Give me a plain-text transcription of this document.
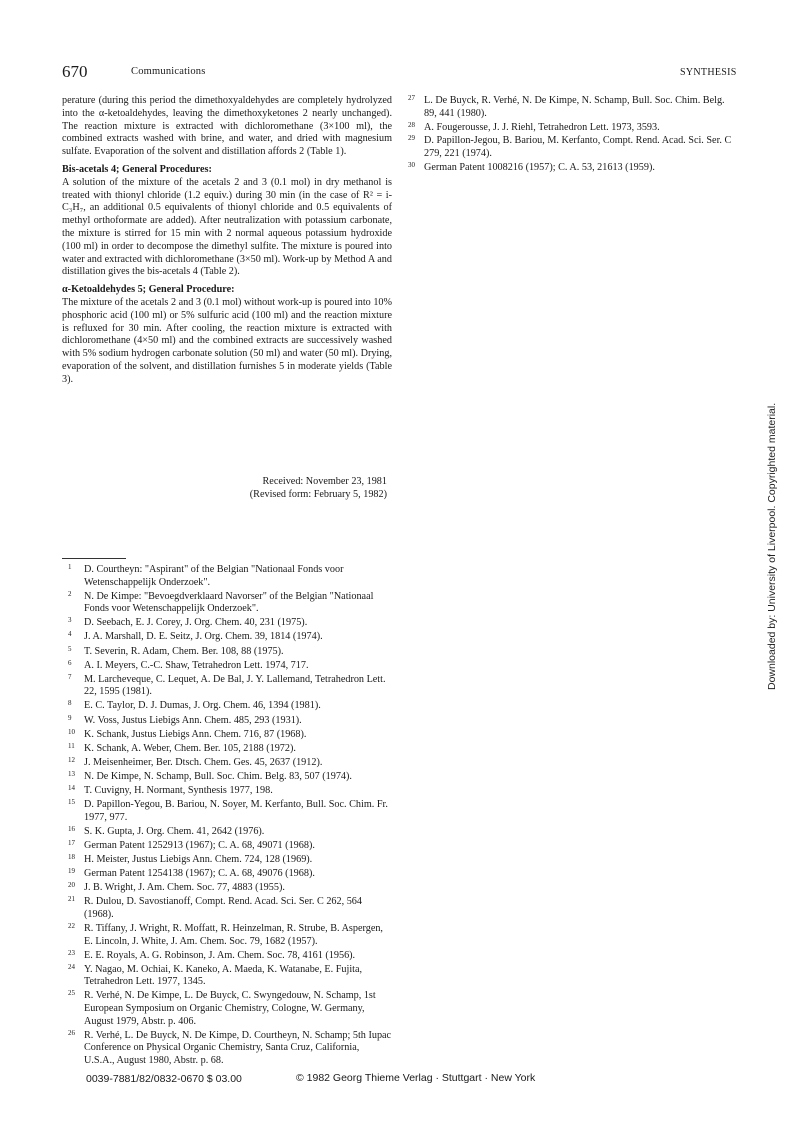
670	Communications	SYNTHESIS

perature (during this period the dimethoxyaldehydes are completely hydrolyzed into the α-ketoaldehydes, leaving the dimethoxyketones 2 nearly unchanged). The reaction mixture is extracted with dichloromethane (3×100 ml), the combined extracts washed with brine, and water, and dried with magnesium sulfate. Evaporation of the solvent and distillation affords 2 (Table 1).

Bis-acetals 4; General Procedures:

A solution of the mixture of the acetals 2 and 3 (0.1 mol) in dry methanol is treated with thionyl chloride (1.2 equiv.) during 30 min (in the case of R² = i-C₃H₇, an additional 0.5 equivalents of thionyl chloride and 0.5 equivalents of methyl orthoformate are added). After neutralization with potassium carbonate, the mixture is stirred for 15 min with 2 normal aqueous potassium hydroxide (100 ml) in order to decompose the dimethyl sulfite. The mixture is poured into water and extracted with dichloromethane (3×50 ml). Work-up by Method A and distillation gives the bis-acetals 4 (Table 2).

α-Ketoaldehydes 5; General Procedure:

The mixture of the acetals 2 and 3 (0.1 mol) without work-up is poured into 10% phosphoric acid (100 ml) or 5% sulfuric acid (100 ml) and the reaction mixture is refluxed for 30 min. After cooling, the reaction mixture is extracted with dichloromethane (4×50 ml) and the combined extracts are successively washed with 5% sodium hydrogen carbonate solution (50 ml) and water (50 ml). Drying, evaporation of the solvent, and distillation furnishes 5 in moderate yields (Table 3).

Received: November 23, 1981
(Revised form: February 5, 1982)

1 D. Courtheyn: "Aspirant" of the Belgian "Nationaal Fonds voor Wetenschappelijk Onderzoek".

2 N. De Kimpe: "Bevoegdverklaard Navorser" of the Belgian "Nationaal Fonds voor Wetenschappelijk Onderzoek".

3 D. Seebach, E. J. Corey, J. Org. Chem. 40, 231 (1975).

4 J. A. Marshall, D. E. Seitz, J. Org. Chem. 39, 1814 (1974).

5 T. Severin, R. Adam, Chem. Ber. 108, 88 (1975).

6 A. I. Meyers, C.-C. Shaw, Tetrahedron Lett. 1974, 717.

7 M. Larcheveque, C. Lequet, A. De Bal, J. Y. Lallemand, Tetrahedron Lett. 22, 1595 (1981).

8 E. C. Taylor, D. J. Dumas, J. Org. Chem. 46, 1394 (1981).

9 W. Voss, Justus Liebigs Ann. Chem. 485, 293 (1931).

10 K. Schank, Justus Liebigs Ann. Chem. 716, 87 (1968).

11 K. Schank, A. Weber, Chem. Ber. 105, 2188 (1972).

12 J. Meisenheimer, Ber. Dtsch. Chem. Ges. 45, 2637 (1912).

13 N. De Kimpe, N. Schamp, Bull. Soc. Chim. Belg. 83, 507 (1974).

14 T. Cuvigny, H. Normant, Synthesis 1977, 198.

15 D. Papillon-Yegou, B. Bariou, N. Soyer, M. Kerfanto, Bull. Soc. Chim. Fr. 1977, 977.

16 S. K. Gupta, J. Org. Chem. 41, 2642 (1976).

17 German Patent 1252913 (1967); C. A. 68, 49071 (1968).

18 H. Meister, Justus Liebigs Ann. Chem. 724, 128 (1969).

19 German Patent 1254138 (1967); C. A. 68, 49076 (1968).

20 J. B. Wright, J. Am. Chem. Soc. 77, 4883 (1955).

21 R. Dulou, D. Savostianoff, Compt. Rend. Acad. Sci. Ser. C 262, 564 (1968).

22 R. Tiffany, J. Wright, R. Moffatt, R. Heinzelman, R. Strube, B. Aspergen, E. Lincoln, J. White, J. Am. Chem. Soc. 79, 1682 (1957).

23 E. E. Royals, A. G. Robinson, J. Am. Chem. Soc. 78, 4161 (1956).

24 Y. Nagao, M. Ochiai, K. Kaneko, A. Maeda, K. Watanabe, E. Fujita, Tetrahedron Lett. 1977, 1345.

25 R. Verhé, N. De Kimpe, L. De Buyck, C. Swyngedouw, N. Schamp, 1st European Symposium on Organic Chemistry, Cologne, W. Germany, August 1979, Abstr. p. 406.

26 R. Verhé, L. De Buyck, N. De Kimpe, D. Courtheyn, N. Schamp; 5th Iupac Conference on Physical Organic Chemistry, Santa Cruz, California, U.S.A., August 1980, Abstr. p. 68.

27 L. De Buyck, R. Verhé, N. De Kimpe, N. Schamp, Bull. Soc. Chim. Belg. 89, 441 (1980).

28 A. Fougerousse, J. J. Riehl, Tetrahedron Lett. 1973, 3593.

29 D. Papillon-Jegou, B. Bariou, M. Kerfanto, Compt. Rend. Acad. Sci. Ser. C 279, 221 (1974).

30 German Patent 1008216 (1957); C. A. 53, 21613 (1959).

0039-7881/82/0832-0670 $ 03.00	© 1982 Georg Thieme Verlag · Stuttgart · New York
Downloaded by: University of Liverpool. Copyrighted material.
